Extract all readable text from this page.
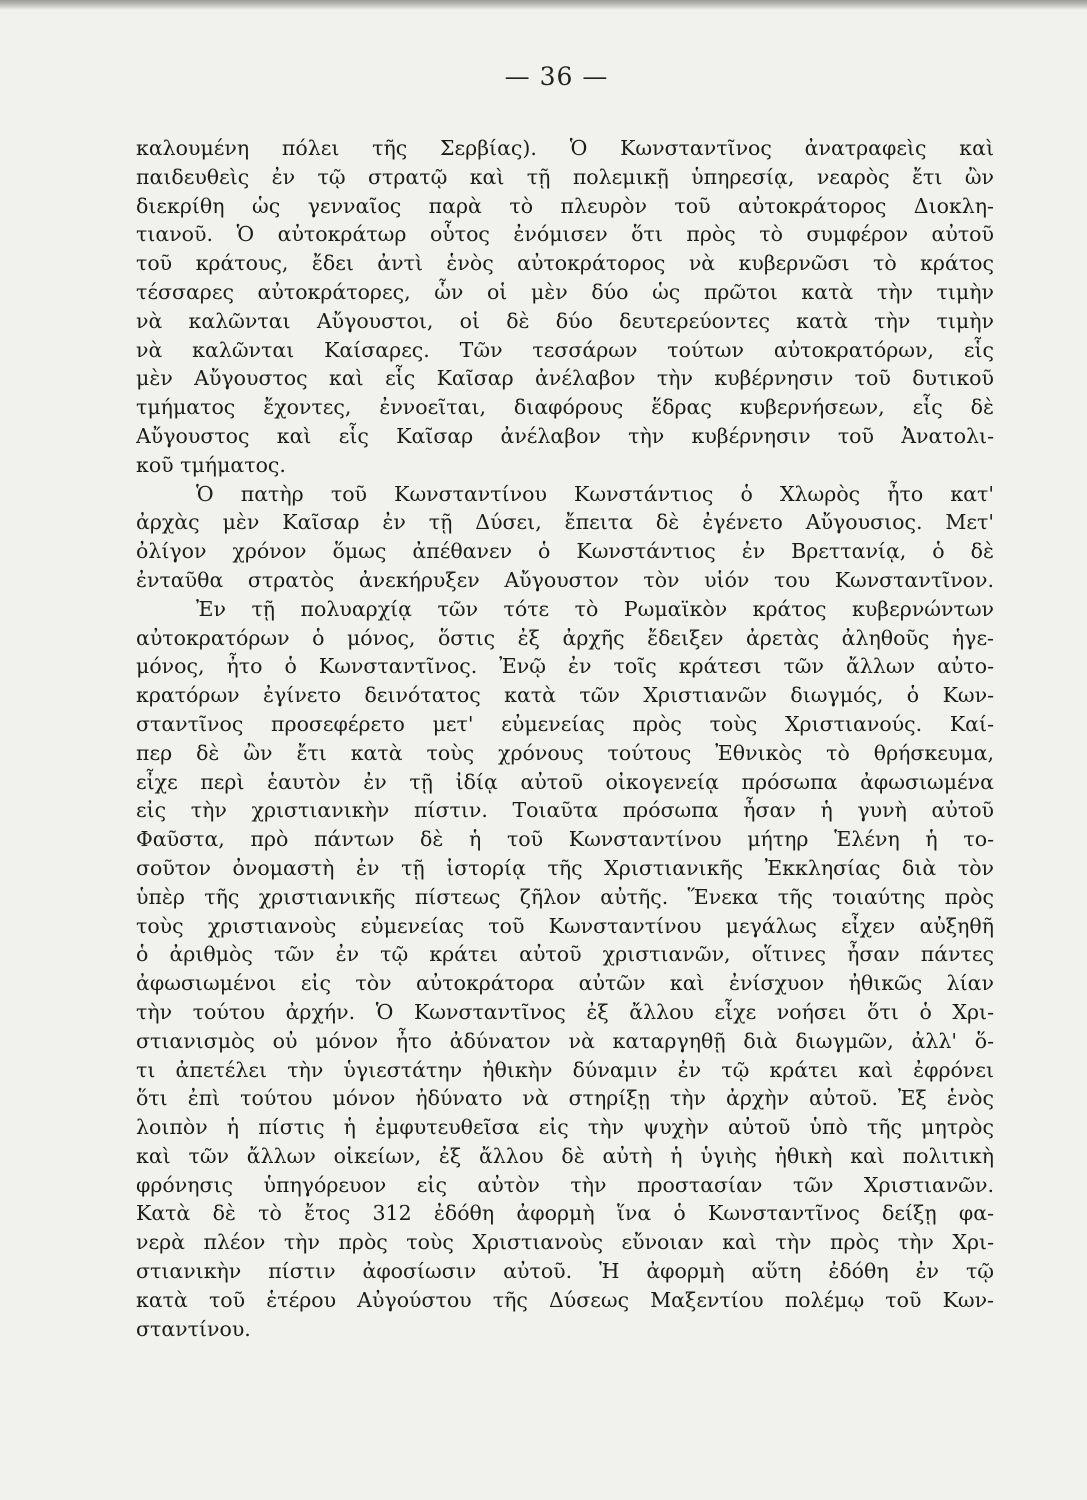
— 36 —
καλουμένη πόλει τῆς Σερβίας). Ὁ Κωνσταντῖνος ἀνατραφεὶς καὶ
παιδευθεὶς ἐν τῷ στρατῷ καὶ τῇ πολεμικῇ ὑπηρεσίᾳ, νεαρὸς ἔτι ὢν
διεκρίθη ὡς γενναῖος παρὰ τὸ πλευρὸν τοῦ αὐτοκράτορος Διοκλη-
τιανοῦ. Ὁ αὐτοκράτωρ οὗτος ἐνόμισεν ὅτι πρὸς τὸ συμφέρον αὐτοῦ
τοῦ κράτους, ἔδει ἀντὶ ἑνὸς αὐτοκράτορος νὰ κυβερνῶσι τὸ κράτος
τέσσαρες αὐτοκράτορες, ὧν οἱ μὲν δύο ὡς πρῶτοι κατὰ τὴν τιμὴν
νὰ καλῶνται Αὔγουστοι, οἱ δὲ δύο δευτερεύοντες κατὰ τὴν τιμὴν
νὰ καλῶνται Καίσαρες. Τῶν τεσσάρων τούτων αὐτοκρατόρων, εἷς
μὲν Αὔγουστος καὶ εἷς Καῖσαρ ἀνέλαβον τὴν κυβέρνησιν τοῦ δυτικοῦ
τμήματος ἔχοντες, ἐννοεῖται, διαφόρους ἕδρας κυβερνήσεων, εἷς δὲ
Αὔγουστος καὶ εἷς Καῖσαρ ἀνέλαβον τὴν κυβέρνησιν τοῦ Ἀνατολι-
κοῦ τμήματος.
Ὁ πατὴρ τοῦ Κωνσταντίνου Κωνστάντιος ὁ Χλωρὸς ἦτο κατ'
ἀρχὰς μὲν Καῖσαρ ἐν τῇ Δύσει, ἔπειτα δὲ ἐγένετο Αὔγουσιος. Μετ'
ὀλίγον χρόνον ὅμως ἀπέθανεν ὁ Κωνστάντιος ἐν Βρεττανίᾳ, ὁ δὲ
ἐνταῦθα στρατὸς ἀνεκήρυξεν Αὔγουστον τὸν υἱόν του Κωνσταντῖνον.
Ἐν τῇ πολυαρχίᾳ τῶν τότε τὸ Ρωμαϊκὸν κράτος κυβερνώντων
αὐτοκρατόρων ὁ μόνος, ὅστις ἐξ ἀρχῆς ἔδειξεν ἀρετὰς ἀληθοῦς ἡγε-
μόνος, ἦτο ὁ Κωνσταντῖνος. Ἐνῷ ἐν τοῖς κράτεσι τῶν ἄλλων αὐτο-
κρατόρων ἐγίνετο δεινότατος κατὰ τῶν Χριστιανῶν διωγμός, ὁ Κων-
σταντῖνος προσεφέρετο μετ' εὐμενείας πρὸς τοὺς Χριστιανούς. Καί-
περ δὲ ὢν ἔτι κατὰ τοὺς χρόνους τούτους Ἐθνικὸς τὸ θρήσκευμα,
εἶχε περὶ ἑαυτὸν ἐν τῇ ἰδίᾳ αὐτοῦ οἰκογενείᾳ πρόσωπα ἀφωσιωμένα
εἰς τὴν χριστιανικὴν πίστιν. Τοιαῦτα πρόσωπα ἦσαν ἡ γυνὴ αὐτοῦ
Φαῦστα, πρὸ πάντων δὲ ἡ τοῦ Κωνσταντίνου μήτηρ Ἑλένη ἡ το-
σοῦτον ὀνομαστὴ ἐν τῇ ἱστορίᾳ τῆς Χριστιανικῆς Ἐκκλησίας διὰ τὸν
ὑπὲρ τῆς χριστιανικῆς πίστεως ζῆλον αὐτῆς. Ἕνεκα τῆς τοιαύτης πρὸς
τοὺς χριστιανοὺς εὐμενείας τοῦ Κωνσταντίνου μεγάλως εἶχεν αὐξηθῆ
ὁ ἀριθμὸς τῶν ἐν τῷ κράτει αὐτοῦ χριστιανῶν, οἵτινες ἦσαν πάντες
ἀφωσιωμένοι εἰς τὸν αὐτοκράτορα αὐτῶν καὶ ἐνίσχυον ἠθικῶς λίαν
τὴν τούτου ἀρχήν. Ὁ Κωνσταντῖνος ἐξ ἄλλου εἶχε νοήσει ὅτι ὁ Χρι-
στιανισμὸς οὐ μόνον ἦτο ἀδύνατον νὰ καταργηθῇ διὰ διωγμῶν, ἀλλ' ὅ-
τι ἀπετέλει τὴν ὑγιεστάτην ἠθικὴν δύναμιν ἐν τῷ κράτει καὶ ἐφρόνει
ὅτι ἐπὶ τούτου μόνον ἠδύνατο νὰ στηρίξῃ τὴν ἀρχὴν αὐτοῦ. Ἐξ ἑνὸς
λοιπὸν ἡ πίστις ἡ ἐμφυτευθεῖσα εἰς τὴν ψυχὴν αὐτοῦ ὑπὸ τῆς μητρὸς
καὶ τῶν ἄλλων οἰκείων, ἐξ ἄλλου δὲ αὐτὴ ἡ ὑγιὴς ἠθικὴ καὶ πολιτικὴ
φρόνησις ὑπηγόρευον εἰς αὐτὸν τὴν προστασίαν τῶν Χριστιανῶν.
Κατὰ δὲ τὸ ἔτος 312 ἐδόθη ἀφορμὴ ἵνα ὁ Κωνσταντῖνος δείξῃ φα-
νερὰ πλέον τὴν πρὸς τοὺς Χριστιανοὺς εὔνοιαν καὶ τὴν πρὸς τὴν Χρι-
στιανικὴν πίστιν ἀφοσίωσιν αὐτοῦ. Ἡ ἀφορμὴ αὕτη ἐδόθη ἐν τῷ
κατὰ τοῦ ἑτέρου Αὐγούστου τῆς Δύσεως Μαξεντίου πολέμῳ τοῦ Κων-
σταντίνου.
